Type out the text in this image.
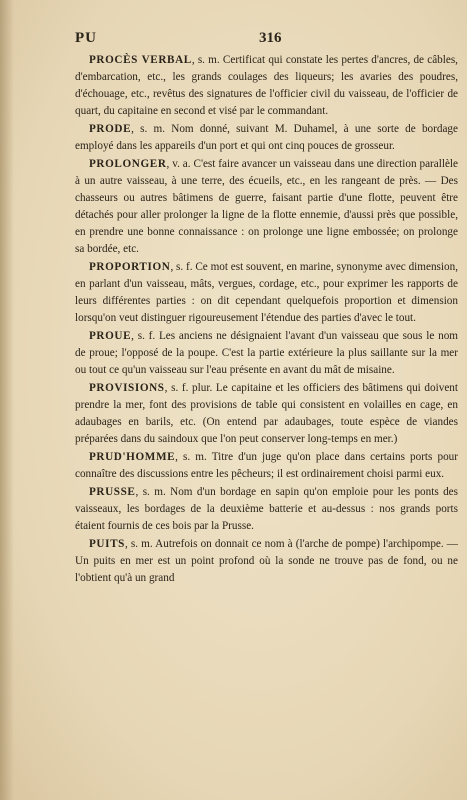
PU	316

PROCÈS VERBAL, s. m. Certificat qui constate les pertes d'ancres, de câbles, d'embarcation, etc., les grands coulages des liqueurs; les avaries des poudres, d'échouage, etc., revêtus des signatures de l'officier civil du vaisseau, de l'officier de quart, du capitaine en second et visé par le commandant.

PRODE, s. m. Nom donné, suivant M. Duhamel, à une sorte de bordage employé dans les appareils d'un port et qui ont cinq pouces de grosseur.

PROLONGER, v. a. C'est faire avancer un vaisseau dans une direction parallèle à un autre vaisseau, à une terre, des écueils, etc., en les rangeant de près. — Des chasseurs ou autres bâtimens de guerre, faisant partie d'une flotte, peuvent être détachés pour aller prolonger la ligne de la flotte ennemie, d'aussi près que possible, en prendre une bonne connaissance : on prolonge une ligne embossée; on prolonge sa bordée, etc.

PROPORTION, s. f. Ce mot est souvent, en marine, synonyme avec dimension, en parlant d'un vaisseau, mâts, vergues, cordage, etc., pour exprimer les rapports de leurs différentes parties : on dit cependant quelquefois proportion et dimension lorsqu'on veut distinguer rigoureusement l'étendue des parties d'avec le tout.

PROUE, s. f. Les anciens ne désignaient l'avant d'un vaisseau que sous le nom de proue; l'opposé de la poupe. C'est la partie extérieure la plus saillante sur la mer ou tout ce qu'un vaisseau sur l'eau présente en avant du mât de misaine.

PROVISIONS, s. f. plur. Le capitaine et les officiers des bâtimens qui doivent prendre la mer, font des provisions de table qui consistent en volailles en cage, en adaubages en barils, etc. (On entend par adaubages, toute espèce de viandes préparées dans du saindoux que l'on peut conserver long-temps en mer.)

PRUD'HOMME, s. m. Titre d'un juge qu'on place dans certains ports pour connaître des discussions entre les pêcheurs; il est ordinairement choisi parmi eux.

PRUSSE, s. m. Nom d'un bordage en sapin qu'on emploie pour les ponts des vaisseaux, les bordages de la deuxième batterie et au-dessus : nos grands ports étaient fournis de ces bois par la Prusse.

PUITS, s. m. Autrefois on donnait ce nom à (l'arche de pompe) l'archipompe. — Un puits en mer est un point profond où la sonde ne trouve pas de fond, ou ne l'obtient qu'à un grand
